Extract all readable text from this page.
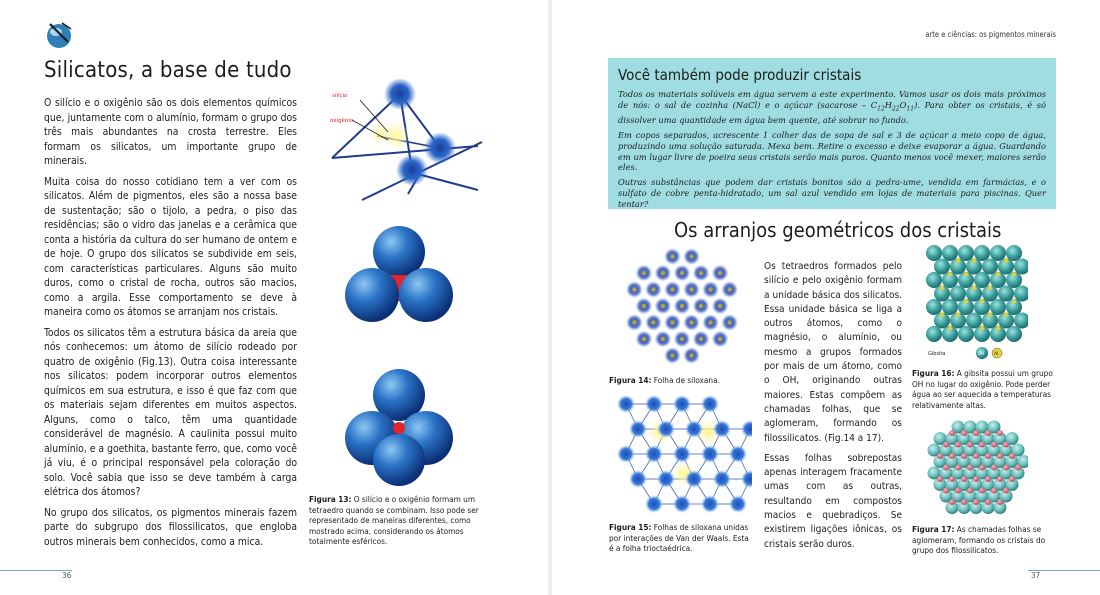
Silicatos, a base de tudo

O silício e o oxigênio são os dois elementos químicos que, juntamente com o alumínio, formam o grupo dos três mais abundantes na crosta terrestre. Eles formam os silicatos, um importante grupo de minerais.

Muita coisa do nosso cotidiano tem a ver com os silicatos. Além de pigmentos, eles são a nossa base de sustentação; são o tijolo, a pedra, o piso das residências; são o vidro das janelas e a cerâmica que conta a história da cultura do ser humano de ontem e de hoje. O grupo dos silicatos se subdivide em seis, com características particulares. Alguns são muito duros, como o cristal de rocha, outros são macios, como a argila. Esse comportamento se deve à maneira como os átomos se arranjam nos cristais.

Todos os silicatos têm a estrutura básica da areia que nós conhecemos: um átomo de silício rodeado por quatro de oxigênio (Fig.13). Outra coisa interessante nos silicatos: podem incorporar outros elementos químicos em sua estrutura, e isso é que faz com que os materiais sejam diferentes em muitos aspectos. Alguns, como o talco, têm uma quantidade considerável de magnésio. A caulinita possui muito alumínio, e a goethita, bastante ferro, que, como você já viu, é o principal responsável pela coloração do solo. Você sabia que isso se deve também à carga elétrica dos átomos?

No grupo dos silicatos, os pigmentos minerais fazem parte do subgrupo dos filossilicatos, que engloba outros minerais bem conhecidos, como a mica.

silício
oxigênio
Figura 13: O silício e o oxigênio formam um tetraedro quando se combinam. Isso pode ser representado de maneiras diferentes, como mostrado acima, considerando os átomos totalmente esféricos.
36
arte e ciências: os pigmentos minerais
Você também pode produzir cristais

Todos os materiais solúveis em água servem a este experimento. Vamos usar os dois mais próximos de nós: o sal de cozinha (NaCl) e o açúcar (sacarose – $C_{12}H_{22}O_{11}$). Para obter os cristais, é só dissolver uma quantidade em água bem quente, até sobrar no fundo.

Em copos separados, acrescente 1 colher das de sopa de sal e 3 de açúcar a meio copo de água, produzindo uma solução saturada. Mexa bem. Retire o excesso e deixe evaporar a água. Guardando em um lugar livre de poeira seus cristais serão mais puros. Quanto menos você mexer, maiores serão eles.

Outras substâncias que podem dar cristais bonitos são a pedra-ume, vendida em farmácias, e o sulfato de cobre penta-hidratado, um sal azul vendido em lojas de materiais para piscinas. Quer tentar?

Os arranjos geométricos dos cristais
Figura 14: Folha de siloxana.
Figura 15: Folhas de siloxana unidas por interações de Van der Waals. Esta é a folha trioctaédrica.

Os tetraedros formados pelo silício e pelo oxigênio formam a unidade básica dos silicatos. Essa unidade básica se liga a outros átomos, como o magnésio, o alumínio, ou mesmo a grupos formados por mais de um átomo, como o OH, originando outras maiores. Estas compõem as chamadas folhas, que se aglomeram, formando os filossilicatos. (Fig.14 a 17).

Essas folhas sobrepostas apenas interagem fracamente umas com as outras, resultando em compostos macios e quebradiços. Se existirem ligações iônicas, os cristais serão duros.

Gibsita	OH Al
Figura 16: A gibsita possui um grupo OH no lugar do oxigênio. Pode perder água ao ser aquecida a temperaturas relativamente altas.
Figura 17: As chamadas folhas se aglomeram, formando os cristais do grupo dos filossilicatos.
37
